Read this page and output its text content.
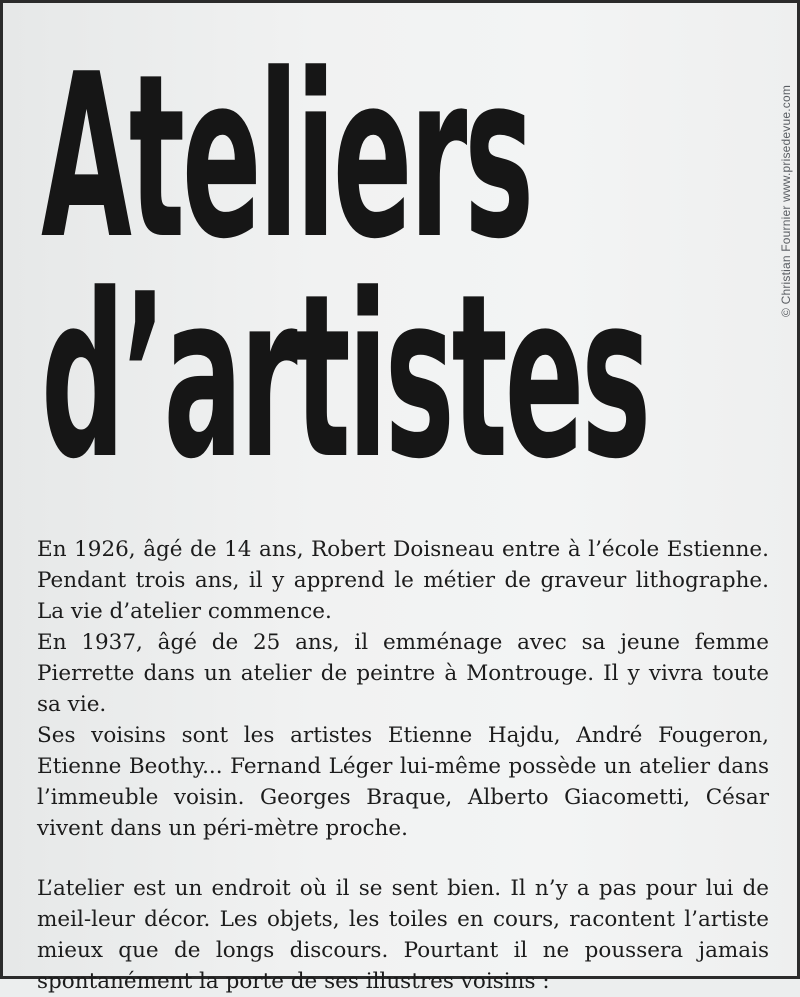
Ateliers
d’artistes

En 1926, âgé de 14 ans, Robert Doisneau entre à l’école Estienne. Pendant trois ans, il y apprend le métier de graveur lithographe. La vie d’atelier commence.

En 1937, âgé de 25 ans, il emménage avec sa jeune femme Pierrette dans un atelier de peintre à Montrouge. Il y vivra toute sa vie.

Ses voisins sont les artistes Etienne Hajdu, André Fougeron, Etienne Beothy... Fernand Léger lui-même possède un atelier dans l’immeuble voisin. Georges Braque, Alberto Giacometti, César vivent dans un péri-mètre proche.

L’atelier est un endroit où il se sent bien. Il n’y a pas pour lui de meil-leur décor. Les objets, les toiles en cours, racontent l’artiste mieux que de longs discours. Pourtant il ne poussera jamais spontanément la porte de ses illustres voisins :

© Christian Fournier www.prisedevue.com
